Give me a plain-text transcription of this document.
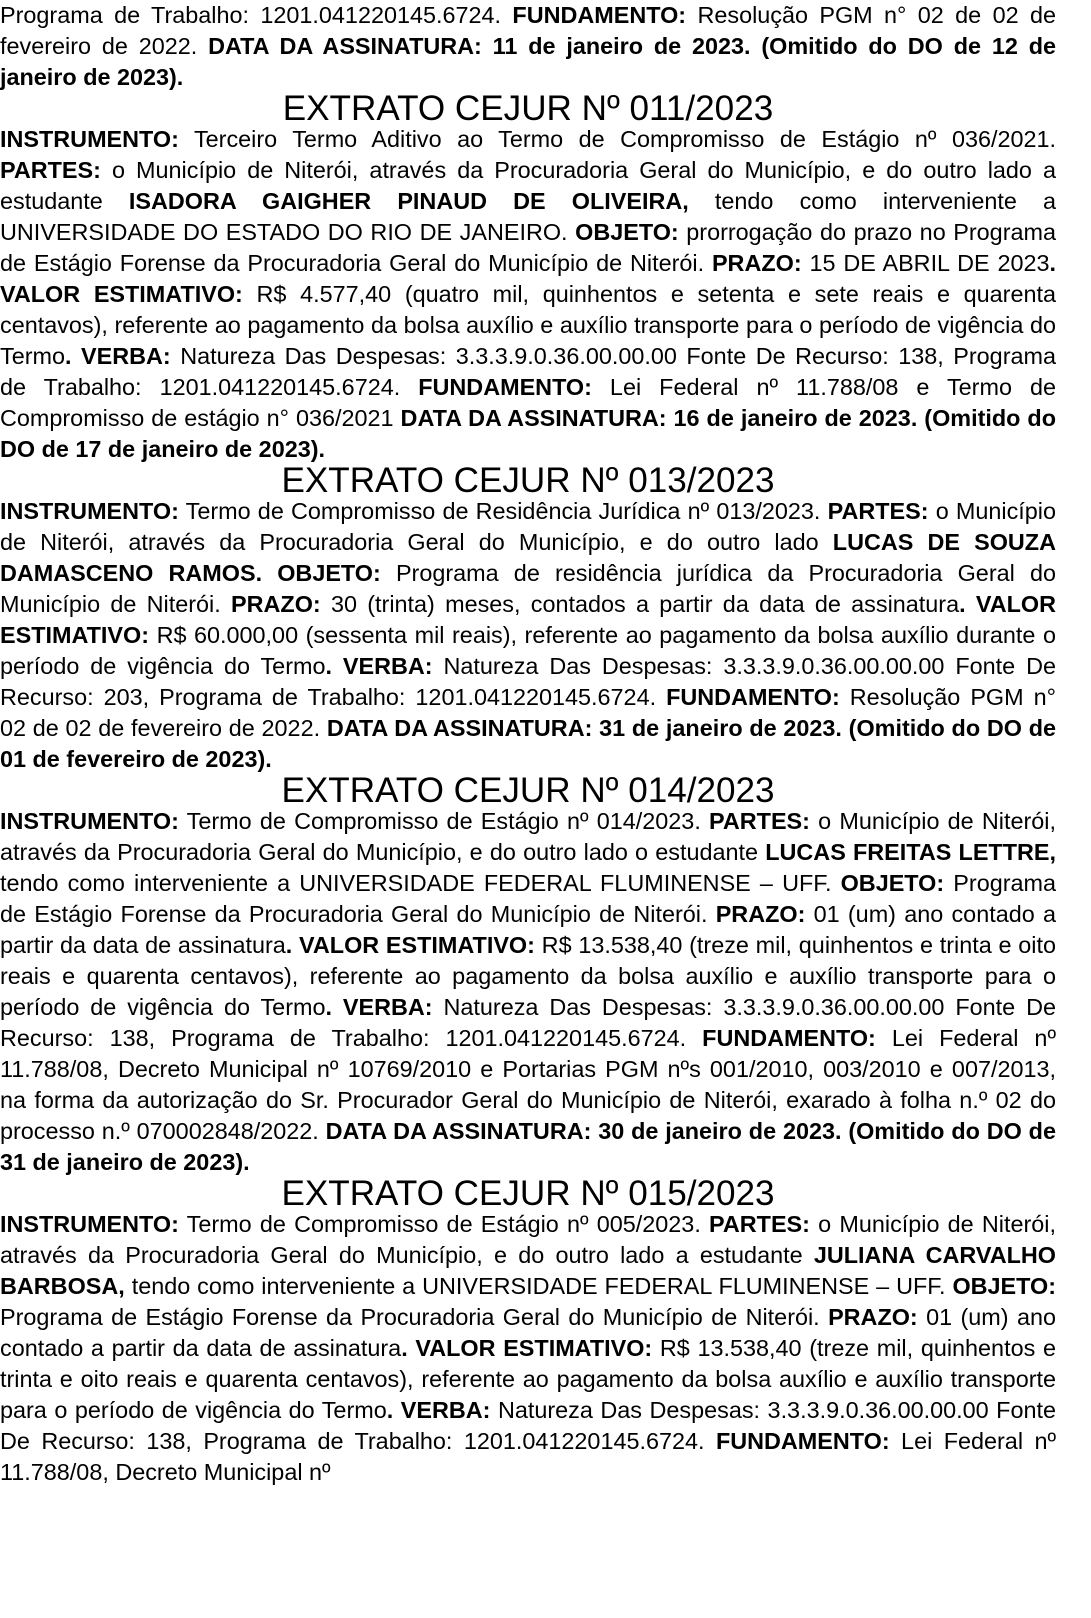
Programa de Trabalho: 1201.041220145.6724. FUNDAMENTO: Resolução PGM n° 02 de 02 de fevereiro de 2022. DATA DA ASSINATURA: 11 de janeiro de 2023. (Omitido do DO de 12 de janeiro de 2023).

EXTRATO CEJUR Nº 011/2023

INSTRUMENTO: Terceiro Termo Aditivo ao Termo de Compromisso de Estágio nº 036/2021. PARTES: o Município de Niterói, através da Procuradoria Geral do Município, e do outro lado a estudante ISADORA GAIGHER PINAUD DE OLIVEIRA, tendo como interveniente a UNIVERSIDADE DO ESTADO DO RIO DE JANEIRO. OBJETO: prorrogação do prazo no Programa de Estágio Forense da Procuradoria Geral do Município de Niterói. PRAZO: 15 DE ABRIL DE 2023. VALOR ESTIMATIVO: R$ 4.577,40 (quatro mil, quinhentos e setenta e sete reais e quarenta centavos), referente ao pagamento da bolsa auxílio e auxílio transporte para o período de vigência do Termo. VERBA: Natureza Das Despesas: 3.3.3.9.0.36.00.00.00 Fonte De Recurso: 138, Programa de Trabalho: 1201.041220145.6724. FUNDAMENTO: Lei Federal nº 11.788/08 e Termo de Compromisso de estágio n° 036/2021 DATA DA ASSINATURA: 16 de janeiro de 2023. (Omitido do DO de 17 de janeiro de 2023).

EXTRATO CEJUR Nº 013/2023

INSTRUMENTO: Termo de Compromisso de Residência Jurídica nº 013/2023. PARTES: o Município de Niterói, através da Procuradoria Geral do Município, e do outro lado LUCAS DE SOUZA DAMASCENO RAMOS. OBJETO: Programa de residência jurídica da Procuradoria Geral do Município de Niterói. PRAZO: 30 (trinta) meses, contados a partir da data de assinatura. VALOR ESTIMATIVO: R$ 60.000,00 (sessenta mil reais), referente ao pagamento da bolsa auxílio durante o período de vigência do Termo. VERBA: Natureza Das Despesas: 3.3.3.9.0.36.00.00.00 Fonte De Recurso: 203, Programa de Trabalho: 1201.041220145.6724. FUNDAMENTO: Resolução PGM n° 02 de 02 de fevereiro de 2022. DATA DA ASSINATURA: 31 de janeiro de 2023. (Omitido do DO de 01 de fevereiro de 2023).

EXTRATO CEJUR Nº 014/2023

INSTRUMENTO: Termo de Compromisso de Estágio nº 014/2023. PARTES: o Município de Niterói, através da Procuradoria Geral do Município, e do outro lado o estudante LUCAS FREITAS LETTRE, tendo como interveniente a UNIVERSIDADE FEDERAL FLUMINENSE – UFF. OBJETO: Programa de Estágio Forense da Procuradoria Geral do Município de Niterói. PRAZO: 01 (um) ano contado a partir da data de assinatura. VALOR ESTIMATIVO: R$ 13.538,40 (treze mil, quinhentos e trinta e oito reais e quarenta centavos), referente ao pagamento da bolsa auxílio e auxílio transporte para o período de vigência do Termo. VERBA: Natureza Das Despesas: 3.3.3.9.0.36.00.00.00 Fonte De Recurso: 138, Programa de Trabalho: 1201.041220145.6724. FUNDAMENTO: Lei Federal nº 11.788/08, Decreto Municipal nº 10769/2010 e Portarias PGM nºs 001/2010, 003/2010 e 007/2013, na forma da autorização do Sr. Procurador Geral do Município de Niterói, exarado à folha n.º 02 do processo n.º 070002848/2022. DATA DA ASSINATURA: 30 de janeiro de 2023. (Omitido do DO de 31 de janeiro de 2023).

EXTRATO CEJUR Nº 015/2023

INSTRUMENTO: Termo de Compromisso de Estágio nº 005/2023. PARTES: o Município de Niterói, através da Procuradoria Geral do Município, e do outro lado a estudante JULIANA CARVALHO BARBOSA, tendo como interveniente a UNIVERSIDADE FEDERAL FLUMINENSE – UFF. OBJETO: Programa de Estágio Forense da Procuradoria Geral do Município de Niterói. PRAZO: 01 (um) ano contado a partir da data de assinatura. VALOR ESTIMATIVO: R$ 13.538,40 (treze mil, quinhentos e trinta e oito reais e quarenta centavos), referente ao pagamento da bolsa auxílio e auxílio transporte para o período de vigência do Termo. VERBA: Natureza Das Despesas: 3.3.3.9.0.36.00.00.00 Fonte De Recurso: 138, Programa de Trabalho: 1201.041220145.6724. FUNDAMENTO: Lei Federal nº 11.788/08, Decreto Municipal nº
